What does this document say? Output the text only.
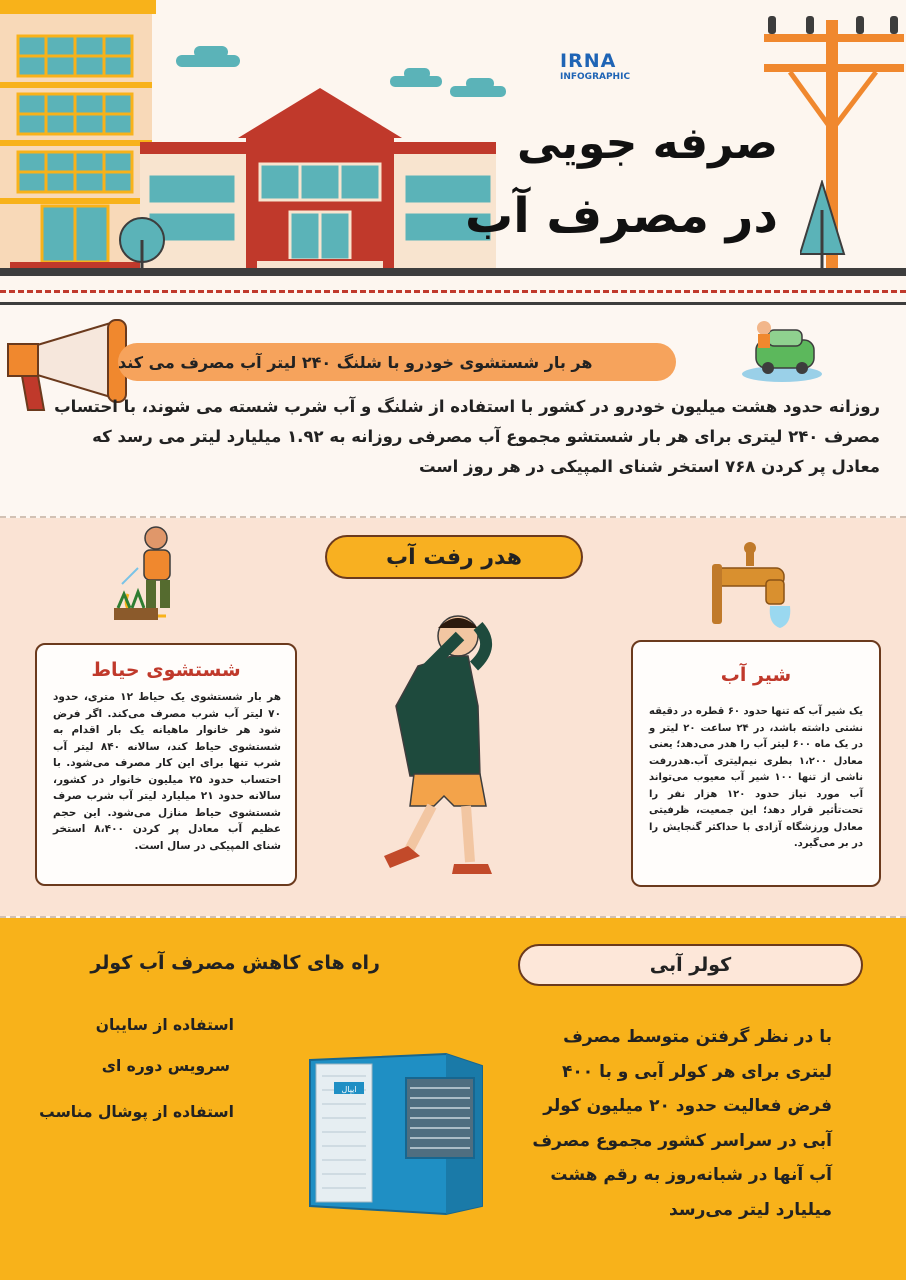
IRNA
INFOGRAPHIC
صرفه جویی
در مصرف آب
هر بار شستشوی خودرو با شلنگ ۲۴۰ لیتر آب مصرف می کند
روزانه حدود هشت میلیون خودرو در کشور با استفاده از شلنگ و آب شرب شسته می شوند، با احتساب مصرف ۲۴۰ لیتری برای هر بار شستشو مجموع آب مصرفی روزانه به ۱.۹۲ میلیارد لیتر می رسد که معادل پر کردن ۷۶۸ استخر شنای المپیکی در هر روز است
هدر رفت آب
شستشوی حیاط
هر بار شستشوی یک حیاط ۱۲ متری، حدود ۷۰ لیتر آب شرب مصرف می‌کند. اگر فرض شود هر خانوار ماهیانه یک بار اقدام به شستشوی حیاط کند، سالانه ۸۴۰ لیتر آب شرب تنها برای این کار مصرف می‌شود. با احتساب حدود ۲۵ میلیون خانوار در کشور، سالانه حدود ۲۱ میلیارد لیتر آب شرب صرف شستشوی حیاط منازل می‌شود. این حجم عظیم آب معادل پر کردن ۸،۴۰۰ استخر شنای المپیکی در سال است.
شیر آب
یک شیر آب که تنها حدود ۶۰ قطره در دقیقه نشتی داشته باشد، در ۲۴ ساعت ۲۰ لیتر و در یک ماه ۶۰۰ لیتر آب را هدر می‌دهد؛ یعنی معادل ۱،۲۰۰ بطری نیم‌لیتری آب.هدررفت ناشی از تنها ۱۰۰ شیر آب معیوب می‌تواند آب مورد نیاز حدود ۱۲۰ هزار نفر را تحت‌تأثیر قرار دهد؛ این جمعیت، ظرفیتی معادل ورزشگاه آزادی با حداکثر گنجایش را در بر می‌گیرد.
کولر آبی
راه های کاهش مصرف آب کولر
استفاده از سایبان
سرویس دوره ای
استفاده از پوشال مناسب
ایپال
با در نظر گرفتن متوسط مصرف لیتری برای هر کولر آبی و با ۴۰۰ فرض فعالیت حدود ۲۰ میلیون کولر آبی در سراسر کشور مجموع مصرف آب آنها در شبانه‌روز به رقم هشت میلیارد لیتر می‌رسد
